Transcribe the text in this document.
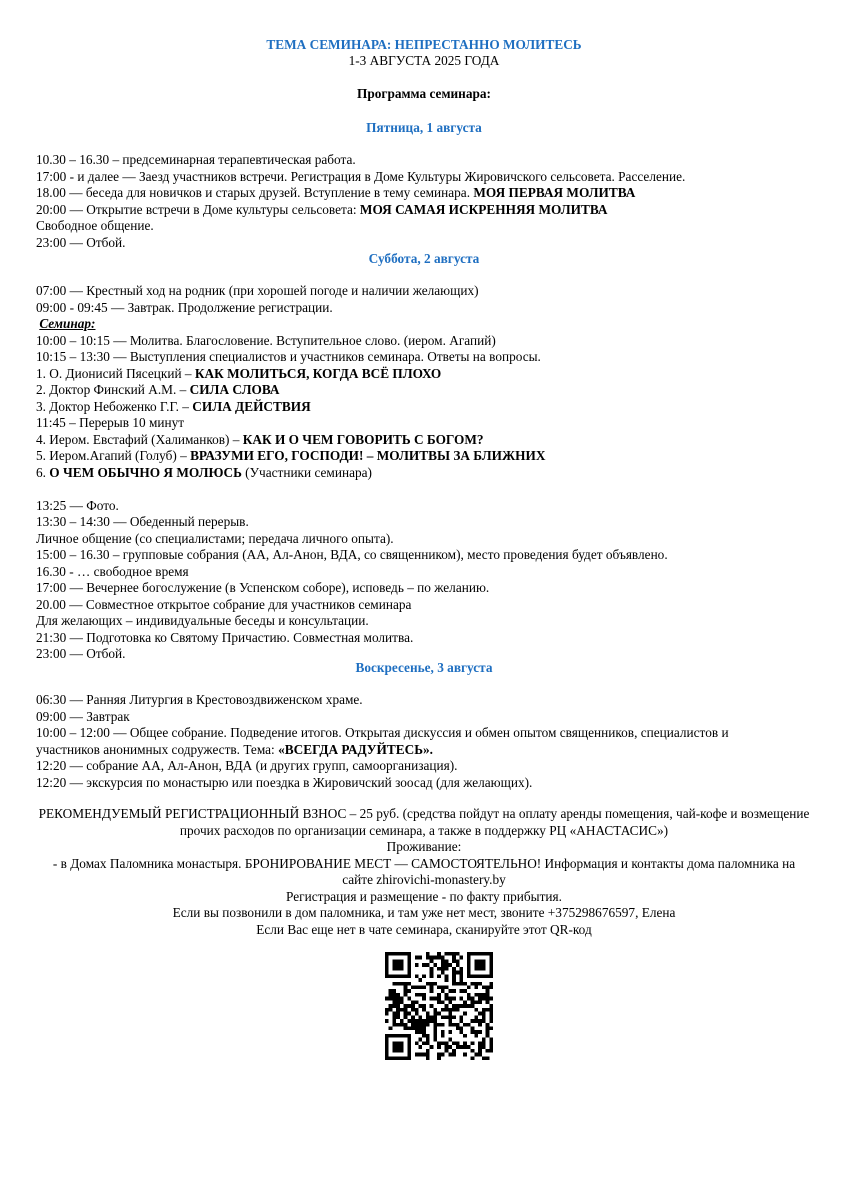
ТЕМА СЕМИНАРА: НЕПРЕСТАННО МОЛИТЕСЬ
1-3 АВГУСТА 2025 ГОДА
Программа семинара:
Пятница, 1 августа
10.30 – 16.30 – предсеминарная терапевтическая работа.
17:00 - и далее — Заезд участников встречи. Регистрация в Доме Культуры Жировичского сельсовета. Расселение.
18.00 — беседа для новичков и старых друзей. Вступление в тему семинара. МОЯ ПЕРВАЯ МОЛИТВА
20:00 — Открытие встречи в Доме культуры сельсовета: МОЯ САМАЯ ИСКРЕННЯЯ МОЛИТВА
Свободное общение.
23:00 — Отбой.
Суббота, 2 августа
07:00 — Крестный ход на родник (при хорошей погоде и наличии желающих)
09:00 - 09:45 — Завтрак. Продолжение регистрации.
Семинар:
10:00 – 10:15 — Молитва. Благословение. Вступительное слово. (иером. Агапий)
10:15 – 13:30 — Выступления специалистов и участников семинара. Ответы на вопросы.
1. О. Дионисий Пясецкий – КАК МОЛИТЬСЯ, КОГДА ВСЁ ПЛОХО
2. Доктор Финский А.М. – СИЛА СЛОВА
3. Доктор Небоженко Г.Г. – СИЛА ДЕЙСТВИЯ
11:45 – Перерыв 10 минут
4. Иером. Евстафий (Халиманков) – КАК И О ЧЕМ ГОВОРИТЬ С БОГОМ?
5. Иером.Агапий (Голуб) – ВРАЗУМИ ЕГО, ГОСПОДИ! – МОЛИТВЫ ЗА БЛИЖНИХ
6. О ЧЕМ ОБЫЧНО Я МОЛЮСЬ (Участники семинара)
13:25 — Фото.
13:30 – 14:30 — Обеденный перерыв.
Личное общение (со специалистами; передача личного опыта).
15:00 – 16.30 – групповые собрания (АА, Ал-Анон, ВДА, со священником), место проведения будет объявлено.
16.30 - … свободное время
17:00 — Вечернее богослужение (в Успенском соборе), исповедь – по желанию.
20.00 — Совместное открытое собрание для участников семинара
Для желающих – индивидуальные беседы и консультации.
21:30 — Подготовка ко Святому Причастию. Совместная молитва.
23:00 — Отбой.
Воскресенье, 3 августа
06:30 — Ранняя Литургия в Крестовоздвиженском храме.
09:00 — Завтрак
10:00 – 12:00 — Общее собрание. Подведение итогов. Открытая дискуссия и обмен опытом священников, специалистов и участников анонимных содружеств. Тема: «ВСЕГДА РАДУЙТЕСЬ».
12:20 — собрание АА, Ал-Анон, ВДА (и других групп, самоорганизация).
12:20 — экскурсия по монастырю или поездка в Жировичский зоосад (для желающих).
РЕКОМЕНДУЕМЫЙ РЕГИСТРАЦИОННЫЙ ВЗНОС – 25 руб. (средства пойдут на оплату аренды помещения, чай-кофе и возмещение прочих расходов по организации семинара, а также в поддержку РЦ «АНАСТАСИС»)
Проживание:
- в Домах Паломника монастыря. БРОНИРОВАНИЕ МЕСТ — САМОСТОЯТЕЛЬНО! Информация и контакты дома паломника на сайте zhirovichi-monastery.by
Регистрация и размещение - по факту прибытия.
Если вы позвонили в дом паломника, и там уже нет мест, звоните +375298676597, Елена
Если Вас еще нет в чате семинара, сканируйте этот QR-код
